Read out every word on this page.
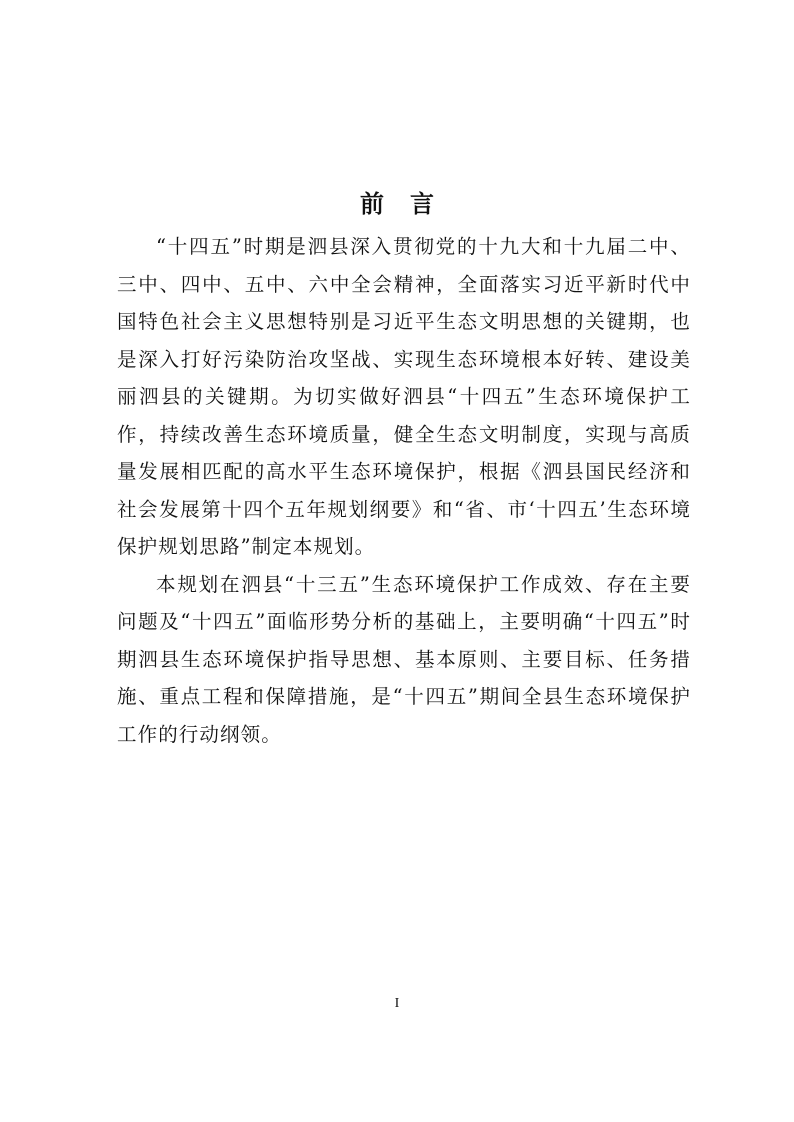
前言

“十四五”时期是泗县深入贯彻党的十九大和十九届二中、三中、四中、五中、六中全会精神，全面落实习近平新时代中国特色社会主义思想特别是习近平生态文明思想的关键期，也是深入打好污染防治攻坚战、实现生态环境根本好转、建设美丽泗县的关键期。为切实做好泗县“十四五”生态环境保护工作，持续改善生态环境质量，健全生态文明制度，实现与高质量发展相匹配的高水平生态环境保护，根据《泗县国民经济和社会发展第十四个五年规划纲要》和“省、市‘十四五’生态环境保护规划思路”制定本规划。

本规划在泗县“十三五”生态环境保护工作成效、存在主要问题及“十四五”面临形势分析的基础上，主要明确“十四五”时期泗县生态环境保护指导思想、基本原则、主要目标、任务措施、重点工程和保障措施，是“十四五”期间全县生态环境保护工作的行动纲领。

I
